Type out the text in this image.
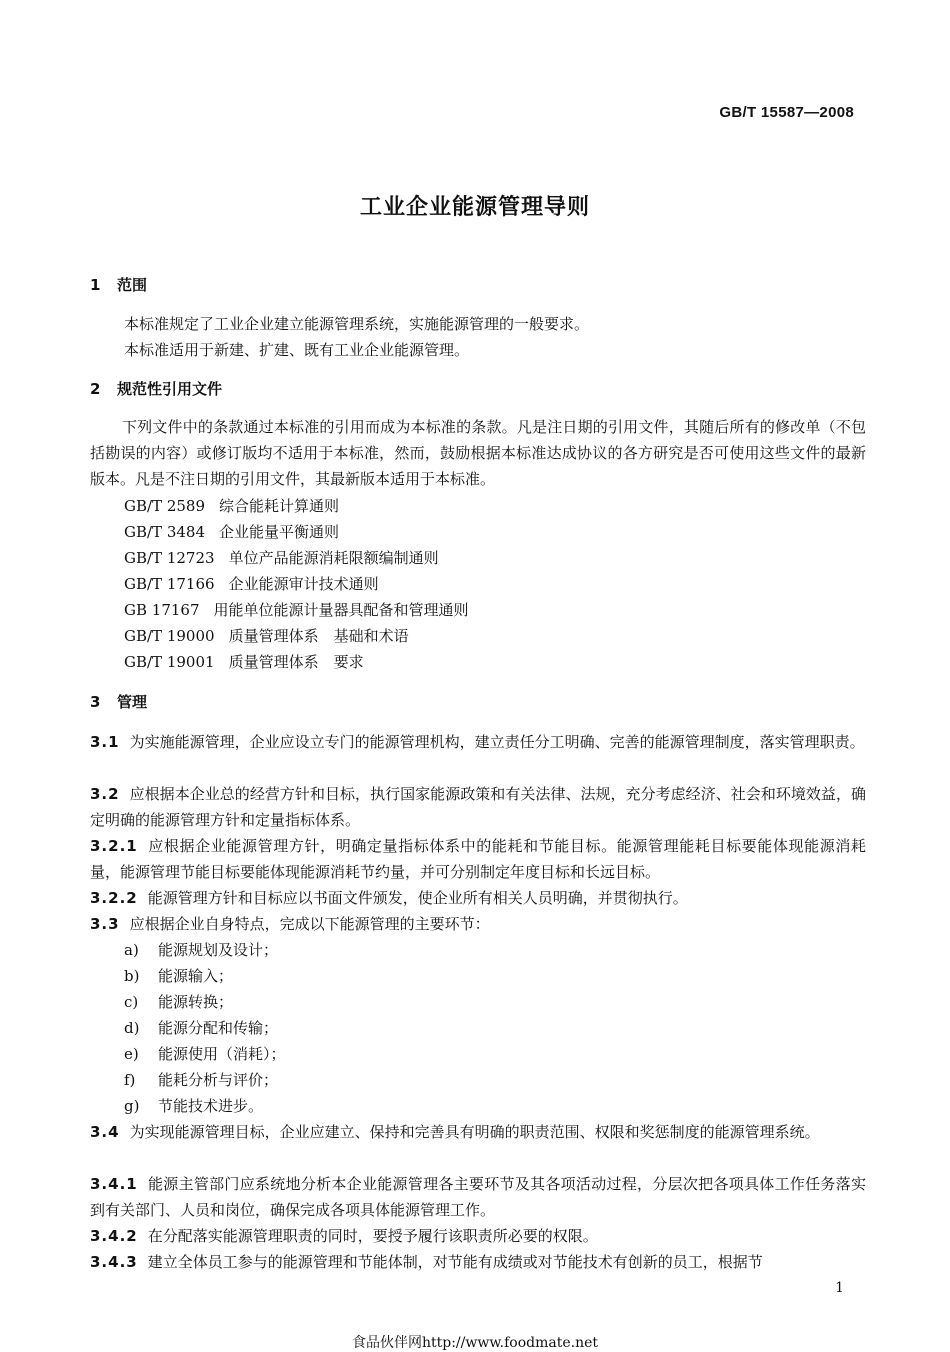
GB/T 15587—2008
工业企业能源管理导则
1 范围
本标准规定了工业企业建立能源管理系统，实施能源管理的一般要求。
本标准适用于新建、扩建、既有工业企业能源管理。
2 规范性引用文件
下列文件中的条款通过本标准的引用而成为本标准的条款。凡是注日期的引用文件，其随后所有的修改单（不包括勘误的内容）或修订版均不适用于本标准，然而，鼓励根据本标准达成协议的各方研究是否可使用这些文件的最新版本。凡是不注日期的引用文件，其最新版本适用于本标准。
GB/T 2589 综合能耗计算通则
GB/T 3484 企业能量平衡通则
GB/T 12723 单位产品能源消耗限额编制通则
GB/T 17166 企业能源审计技术通则
GB 17167 用能单位能源计量器具配备和管理通则
GB/T 19000 质量管理体系　基础和术语
GB/T 19001 质量管理体系　要求
3 管理
3.1 为实施能源管理，企业应设立专门的能源管理机构，建立责任分工明确、完善的能源管理制度，落实管理职责。
3.2 应根据本企业总的经营方针和目标，执行国家能源政策和有关法律、法规，充分考虑经济、社会和环境效益，确定明确的能源管理方针和定量指标体系。
3.2.1 应根据企业能源管理方针，明确定量指标体系中的能耗和节能目标。能源管理能耗目标要能体现能源消耗量，能源管理节能目标要能体现能源消耗节约量，并可分别制定年度目标和长远目标。
3.2.2 能源管理方针和目标应以书面文件颁发，使企业所有相关人员明确，并贯彻执行。
3.3 应根据企业自身特点，完成以下能源管理的主要环节：
a) 能源规划及设计；
b) 能源输入；
c) 能源转换；
d) 能源分配和传输；
e) 能源使用（消耗）；
f) 能耗分析与评价；
g) 节能技术进步。
3.4 为实现能源管理目标，企业应建立、保持和完善具有明确的职责范围、权限和奖惩制度的能源管理系统。
3.4.1 能源主管部门应系统地分析本企业能源管理各主要环节及其各项活动过程，分层次把各项具体工作任务落实到有关部门、人员和岗位，确保完成各项具体能源管理工作。
3.4.2 在分配落实能源管理职责的同时，要授予履行该职责所必要的权限。
3.4.3 建立全体员工参与的能源管理和节能体制，对节能有成绩或对节能技术有创新的员工，根据节
1
食品伙伴网http://www.foodmate.net
